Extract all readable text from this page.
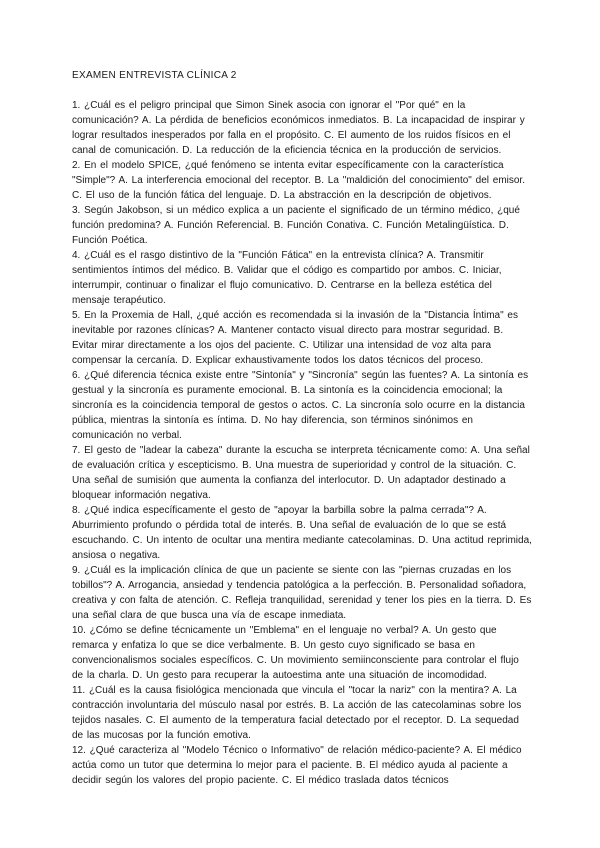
EXAMEN ENTREVISTA CLÍNICA 2

1. ¿Cuál es el peligro principal que Simon Sinek asocia con ignorar el "Por qué" en la comunicación? A. La pérdida de beneficios económicos inmediatos. B. La incapacidad de inspirar y lograr resultados inesperados por falla en el propósito. C. El aumento de los ruidos físicos en el canal de comunicación. D. La reducción de la eficiencia técnica en la producción de servicios.

2. En el modelo SPICE, ¿qué fenómeno se intenta evitar específicamente con la característica "Simple"? A. La interferencia emocional del receptor. B. La "maldición del conocimiento" del emisor. C. El uso de la función fática del lenguaje. D. La abstracción en la descripción de objetivos.

3. Según Jakobson, si un médico explica a un paciente el significado de un término médico, ¿qué función predomina? A. Función Referencial. B. Función Conativa. C. Función Metalingüística. D. Función Poética.

4. ¿Cuál es el rasgo distintivo de la "Función Fática" en la entrevista clínica? A. Transmitir sentimientos íntimos del médico. B. Validar que el código es compartido por ambos. C. Iniciar, interrumpir, continuar o finalizar el flujo comunicativo. D. Centrarse en la belleza estética del mensaje terapéutico.

5. En la Proxemia de Hall, ¿qué acción es recomendada si la invasión de la "Distancia Íntima" es inevitable por razones clínicas? A. Mantener contacto visual directo para mostrar seguridad. B. Evitar mirar directamente a los ojos del paciente. C. Utilizar una intensidad de voz alta para compensar la cercanía. D. Explicar exhaustivamente todos los datos técnicos del proceso.

6. ¿Qué diferencia técnica existe entre "Sintonía" y "Sincronía" según las fuentes? A. La sintonía es gestual y la sincronía es puramente emocional. B. La sintonía es la coincidencia emocional; la sincronía es la coincidencia temporal de gestos o actos. C. La sincronía solo ocurre en la distancia pública, mientras la sintonía es íntima. D. No hay diferencia, son términos sinónimos en comunicación no verbal.

7. El gesto de "ladear la cabeza" durante la escucha se interpreta técnicamente como: A. Una señal de evaluación crítica y escepticismo. B. Una muestra de superioridad y control de la situación. C. Una señal de sumisión que aumenta la confianza del interlocutor. D. Un adaptador destinado a bloquear información negativa.

8. ¿Qué indica específicamente el gesto de "apoyar la barbilla sobre la palma cerrada"? A. Aburrimiento profundo o pérdida total de interés. B. Una señal de evaluación de lo que se está escuchando. C. Un intento de ocultar una mentira mediante catecolaminas. D. Una actitud reprimida, ansiosa o negativa.

9. ¿Cuál es la implicación clínica de que un paciente se siente con las "piernas cruzadas en los tobillos"? A. Arrogancia, ansiedad y tendencia patológica a la perfección. B. Personalidad soñadora, creativa y con falta de atención. C. Refleja tranquilidad, serenidad y tener los pies en la tierra. D. Es una señal clara de que busca una vía de escape inmediata.

10. ¿Cómo se define técnicamente un "Emblema" en el lenguaje no verbal? A. Un gesto que remarca y enfatiza lo que se dice verbalmente. B. Un gesto cuyo significado se basa en convencionalismos sociales específicos. C. Un movimiento semiinconsciente para controlar el flujo de la charla. D. Un gesto para recuperar la autoestima ante una situación de incomodidad.

11. ¿Cuál es la causa fisiológica mencionada que vincula el "tocar la nariz" con la mentira? A. La contracción involuntaria del músculo nasal por estrés. B. La acción de las catecolaminas sobre los tejidos nasales. C. El aumento de la temperatura facial detectado por el receptor. D. La sequedad de las mucosas por la función emotiva.

12. ¿Qué caracteriza al "Modelo Técnico o Informativo" de relación médico-paciente? A. El médico actúa como un tutor que determina lo mejor para el paciente. B. El médico ayuda al paciente a decidir según los valores del propio paciente. C. El médico traslada datos técnicos
